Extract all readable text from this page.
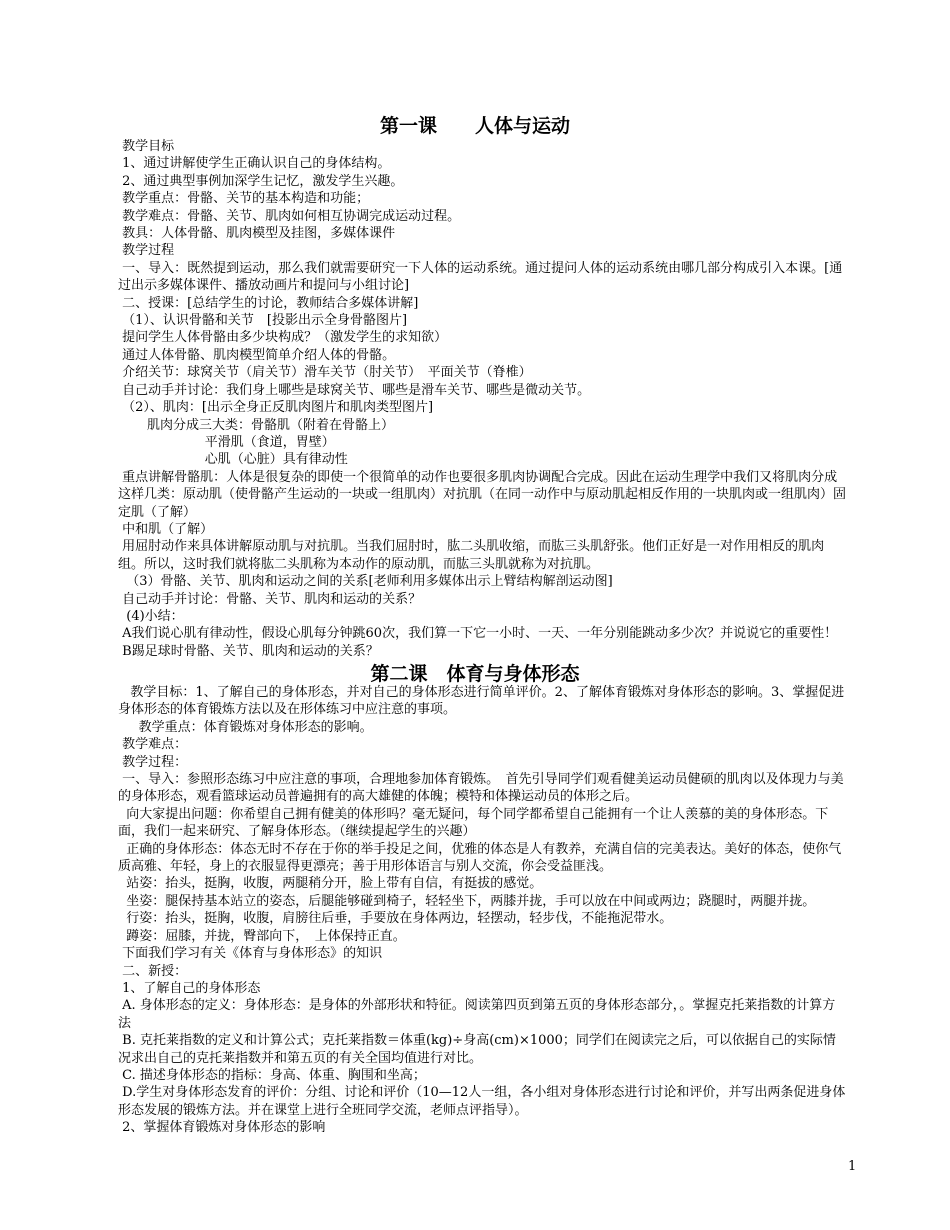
第一课　　人体与运动
教学目标
1、通过讲解使学生正确认识自己的身体结构。
2、通过典型事例加深学生记忆，激发学生兴趣。
教学重点：骨骼、关节的基本构造和功能；
教学难点：骨骼、关节、肌肉如何相互协调完成运动过程。
教具：人体骨骼、肌肉模型及挂图，多媒体课件
教学过程
一、导入：既然提到运动，那么我们就需要研究一下人体的运动系统。通过提问人体的运动系统由哪几部分构成引入本课。[通过出示多媒体课件、播放动画片和提问与小组讨论]
二、授课：[总结学生的讨论，教师结合多媒体讲解]
（1）、认识骨骼和关节　[投影出示全身骨骼图片]
提问学生人体骨骼由多少块构成？（激发学生的求知欲）
通过人体骨骼、肌肉模型简单介绍人体的骨骼。
介绍关节：球窝关节（肩关节）滑车关节（肘关节）　平面关节（脊椎）
自己动手并讨论：我们身上哪些是球窝关节、哪些是滑车关节、哪些是微动关节。
（2）、肌肉：[出示全身正反肌肉图片和肌肉类型图片]
肌肉分成三大类：骨骼肌（附着在骨骼上）
平滑肌（食道，胃壁）
心肌（心脏）具有律动性
重点讲解骨骼肌：人体是很复杂的即使一个很简单的动作也要很多肌肉协调配合完成。因此在运动生理学中我们又将肌肉分成这样几类：原动肌（使骨骼产生运动的一块或一组肌肉）对抗肌（在同一动作中与原动肌起相反作用的一块肌肉或一组肌肉）固定肌（了解）
中和肌（了解）
用屈肘动作来具体讲解原动肌与对抗肌。当我们屈肘时，肱二头肌收缩，而肱三头肌舒张。他们正好是一对作用相反的肌肉组。所以，这时我们就将肱二头肌称为本动作的原动肌，而肱三头肌就称为对抗肌。
（3）骨骼、关节、肌肉和运动之间的关系[老师利用多媒体出示上臂结构解剖运动图]
自己动手并讨论：骨骼、关节、肌肉和运动的关系？
(4)小结：
A我们说心肌有律动性，假设心肌每分钟跳60次，我们算一下它一小时、一天、一年分别能跳动多少次？并说说它的重要性！
B踢足球时骨骼、关节、肌肉和运动的关系？
第二课　体育与身体形态
教学目标：1、了解自己的身体形态，并对自己的身体形态进行简单评价。2、了解体育锻炼对身体形态的影响。3、掌握促进身体形态的体育锻炼方法以及在形体练习中应注意的事项。
教学重点：体育锻炼对身体形态的影响。
教学难点：
教学过程：
一、导入：参照形态练习中应注意的事项，合理地参加体育锻炼。　首先引导同学们观看健美运动员健硕的肌肉以及体现力与美的身体形态，观看篮球运动员普遍拥有的高大雄健的体魄；模特和体操运动员的体形之后。
向大家提出问题：你希望自己拥有健美的体形吗？毫无疑问，每个同学都希望自己能拥有一个让人羡慕的美的身体形态。下面，我们一起来研究、了解身体形态。（继续提起学生的兴趣）
正确的身体形态：体态无时不存在于你的举手投足之间，优雅的体态是人有教养，充满自信的完美表达。美好的体态，使你气质高雅、年轻，身上的衣服显得更漂亮；善于用形体语言与别人交流，你会受益匪浅。
站姿：抬头，挺胸，收腹，两腿稍分开，脸上带有自信，有挺拔的感觉。
坐姿：腿保持基本站立的姿态，后腿能够碰到椅子，轻轻坐下，两膝并拢，手可以放在中间或两边；跷腿时，两腿并拢。
行姿：抬头，挺胸，收腹，肩膀往后垂，手要放在身体两边，轻摆动，轻步伐，不能拖泥带水。
蹲姿：屈膝，并拢，臀部向下，　上体保持正直。
下面我们学习有关《体育与身体形态》的知识
二、新授：
1、了解自己的身体形态
A. 身体形态的定义：身体形态：是身体的外部形状和特征。阅读第四页到第五页的身体形态部分，。掌握克托莱指数的计算方法
B. 克托莱指数的定义和计算公式；克托莱指数＝体重(kg)÷身高(cm)×1000；同学们在阅读完之后，可以依据自己的实际情况求出自己的克托莱指数并和第五页的有关全国均值进行对比。
C. 描述身体形态的指标：身高、体重、胸围和坐高；
D.学生对身体形态发育的评价：分组、讨论和评价（10—12人一组，各小组对身体形态进行讨论和评价，并写出两条促进身体形态发展的锻炼方法。并在课堂上进行全班同学交流，老师点评指导）。
2、掌握体育锻炼对身体形态的影响
1
